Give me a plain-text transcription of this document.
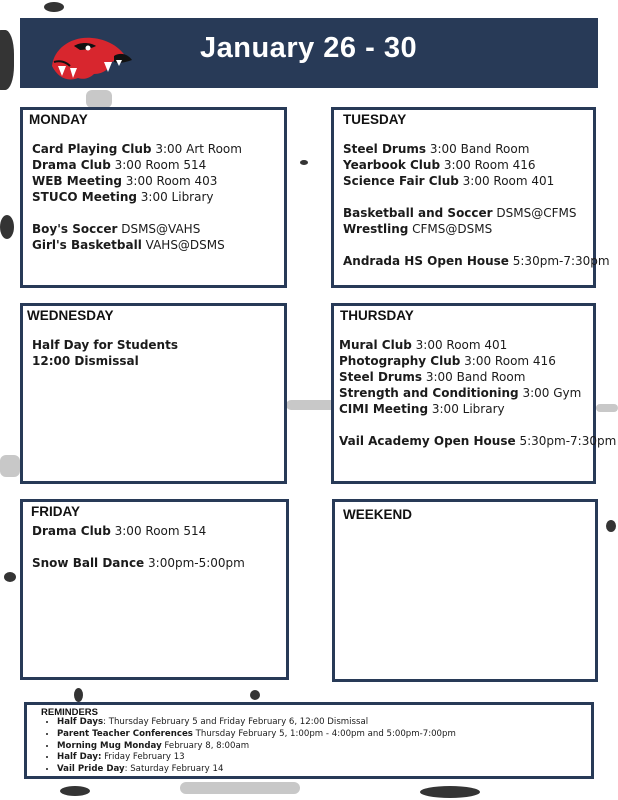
January 26 - 30
MONDAY
Card Playing Club 3:00 Art Room
Drama Club 3:00 Room 514
WEB Meeting 3:00 Room 403
STUCO Meeting 3:00 Library
Boy's Soccer DSMS@VAHS
Girl's Basketball VAHS@DSMS
TUESDAY
Steel Drums 3:00 Band Room
Yearbook Club 3:00 Room 416
Science Fair Club 3:00 Room 401
Basketball and Soccer DSMS@CFMS
Wrestling CFMS@DSMS
Andrada HS Open House 5:30pm-7:30pm
WEDNESDAY
Half Day for Students
12:00 Dismissal
THURSDAY
Mural Club 3:00 Room 401
Photography Club 3:00 Room 416
Steel Drums 3:00 Band Room
Strength and Conditioning 3:00 Gym
CIMI Meeting 3:00 Library
Vail Academy Open House 5:30pm-7:30pm
FRIDAY
Drama Club 3:00 Room 514
Snow Ball Dance 3:00pm-5:00pm
WEEKEND
REMINDERS
• Half Days: Thursday February 5 and Friday February 6, 12:00 Dismissal
• Parent Teacher Conferences Thursday February 5, 1:00pm - 4:00pm and 5:00pm-7:00pm
• Morning Mug Monday February 8, 8:00am
• Half Day: Friday February 13
• Vail Pride Day: Saturday February 14
